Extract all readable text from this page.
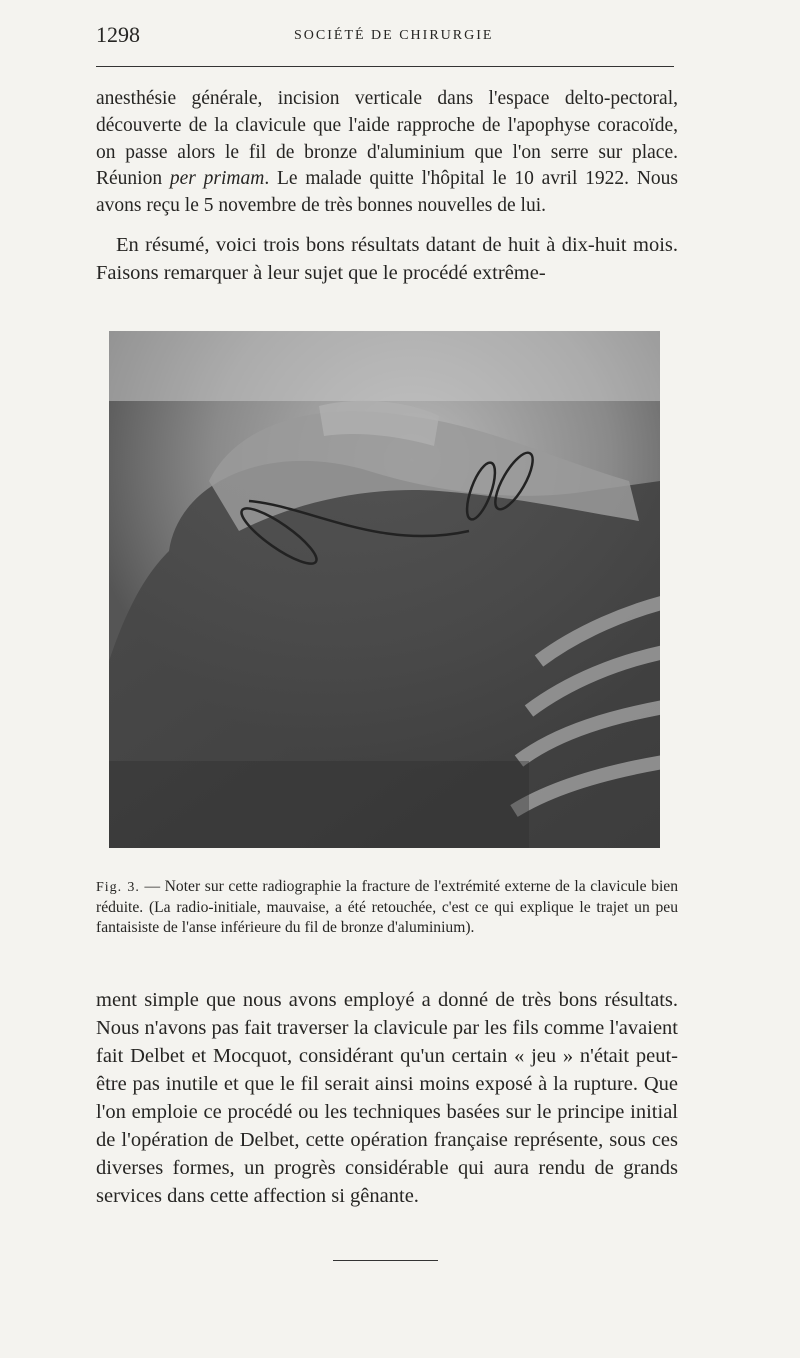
1298	SOCIÉTÉ DE CHIRURGIE

anesthésie générale, incision verticale dans l'espace delto-pectoral, découverte de la clavicule que l'aide rapproche de l'apophyse coracoïde, on passe alors le fil de bronze d'aluminium que l'on serre sur place. Réunion per primam. Le malade quitte l'hôpital le 10 avril 1922. Nous avons reçu le 5 novembre de très bonnes nouvelles de lui.

En résumé, voici trois bons résultats datant de huit à dix-huit mois. Faisons remarquer à leur sujet que le procédé extrême-

Fig. 3. — Noter sur cette radiographie la fracture de l'extrémité externe de la clavicule bien réduite. (La radio-initiale, mauvaise, a été retouchée, c'est ce qui explique le trajet un peu fantaisiste de l'anse inférieure du fil de bronze d'aluminium).

ment simple que nous avons employé a donné de très bons résultats. Nous n'avons pas fait traverser la clavicule par les fils comme l'avaient fait Delbet et Mocquot, considérant qu'un certain « jeu » n'était peut-être pas inutile et que le fil serait ainsi moins exposé à la rupture. Que l'on emploie ce procédé ou les techniques basées sur le principe initial de l'opération de Delbet, cette opération française représente, sous ces diverses formes, un progrès considérable qui aura rendu de grands services dans cette affection si gênante.
